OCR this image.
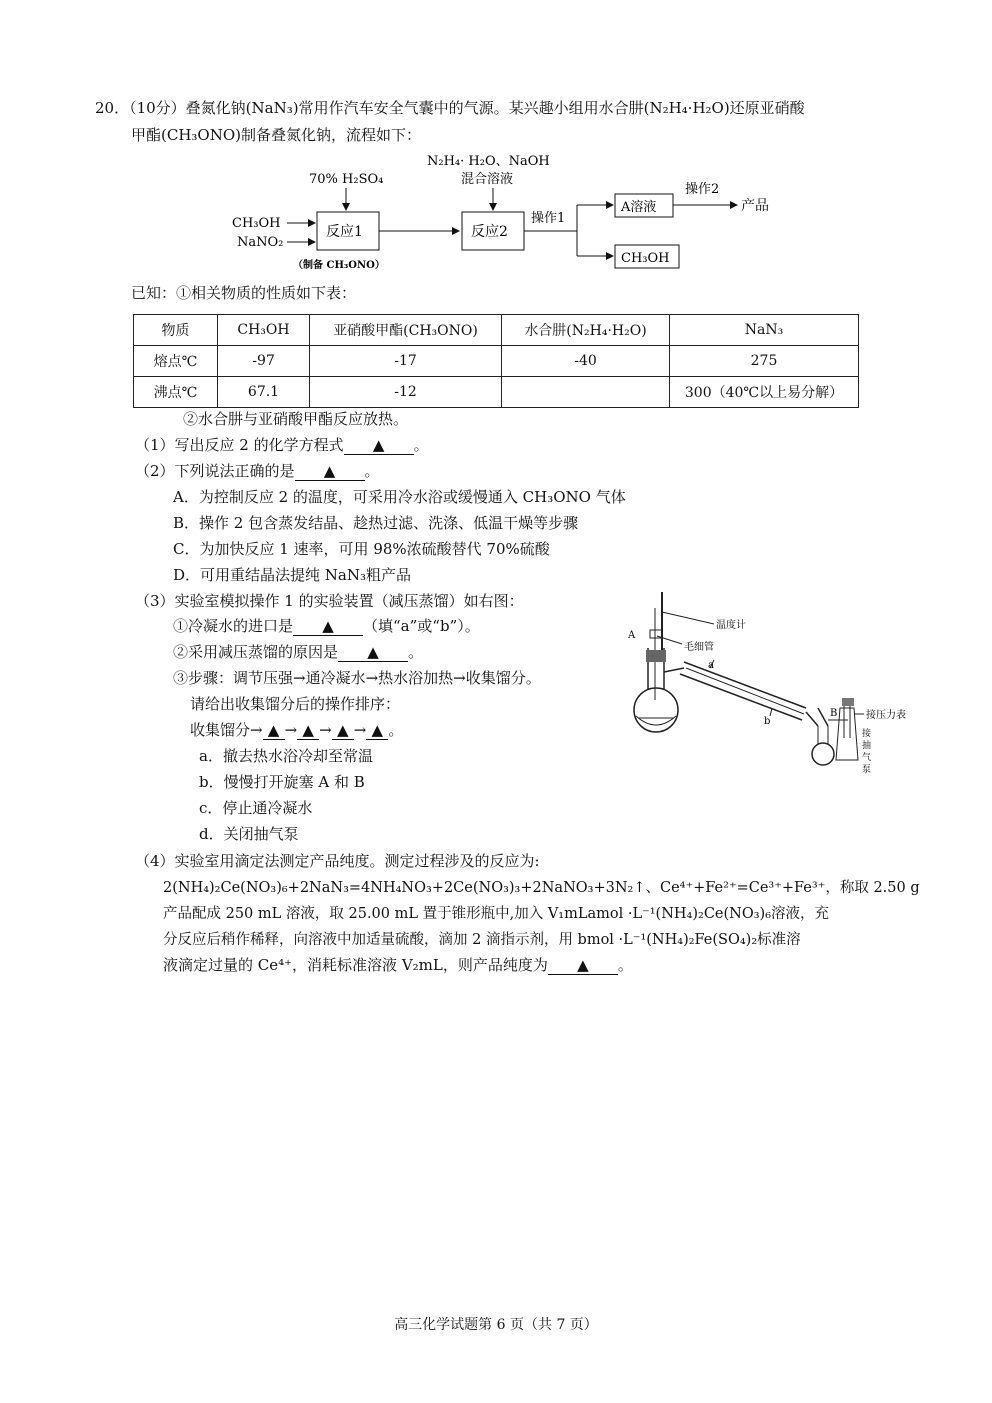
20．（10分）叠氮化钠(NaN₃)常用作汽车安全气囊中的气源。某兴趣小组用水合肼(N₂H₄·H₂O)还原亚硝酸
甲酯(CH₃ONO)制备叠氮化钠，流程如下：
70% H₂SO₄
N₂H₄· H₂O、NaOH
混合溶液
CH₃OH
NaNO₂
反应1	反应2
操作1
A溶液
CH₃OH
操作2
产品
（制备 CH₃ONO）
已知：①相关物质的性质如下表：
物质	CH₃OH	亚硝酸甲酯(CH₃ONO)	水合肼(N₂H₄·H₂O)	NaN₃
熔点℃	-97	-17	-40	275
沸点℃	67.1	-12		300（40℃以上易分解）
②水合肼与亚硝酸甲酯反应放热。
（1）写出反应 2 的化学方程式 ▲ 。
（2）下列说法正确的是 ▲ 。
A．为控制反应 2 的温度，可采用冷水浴或缓慢通入 CH₃ONO 气体
B．操作 2 包含蒸发结晶、趁热过滤、洗涤、低温干燥等步骤
C．为加快反应 1 速率，可用 98%浓硫酸替代 70%硫酸
D．可用重结晶法提纯 NaN₃粗产品
（3）实验室模拟操作 1 的实验装置（减压蒸馏）如右图：
①冷凝水的进口是 ▲ （填“a”或“b”）。
②采用减压蒸馏的原因是 ▲ 。
③步骤：调节压强→通冷凝水→热水浴加热→收集馏分。
请给出收集馏分后的操作排序：
收集馏分→ ▲ → ▲ → ▲ → ▲ 。
a．撤去热水浴冷却至常温
b．慢慢打开旋塞 A 和 B
c．停止通冷凝水
d．关闭抽气泵
温度计
毛细管
A
a
b
B	接压力表
接
抽
气
泵
（4）实验室用滴定法测定产品纯度。测定过程涉及的反应为:
2(NH₄)₂Ce(NO₃)₆+2NaN₃=4NH₄NO₃+2Ce(NO₃)₃+2NaNO₃+3N₂↑、Ce⁴⁺+Fe²⁺=Ce³⁺+Fe³⁺，称取 2.50 g
产品配成 250 mL 溶液，取 25.00 mL 置于锥形瓶中,加入 V₁mLamol ·L⁻¹(NH₄)₂Ce(NO₃)₆溶液，充
分反应后稍作稀释，向溶液中加适量硫酸，滴加 2 滴指示剂，用 bmol ·L⁻¹(NH₄)₂Fe(SO₄)₂标准溶
液滴定过量的 Ce⁴⁺，消耗标准溶液 V₂mL，则产品纯度为 ▲ 。
高三化学试题第 6 页（共 7 页）
